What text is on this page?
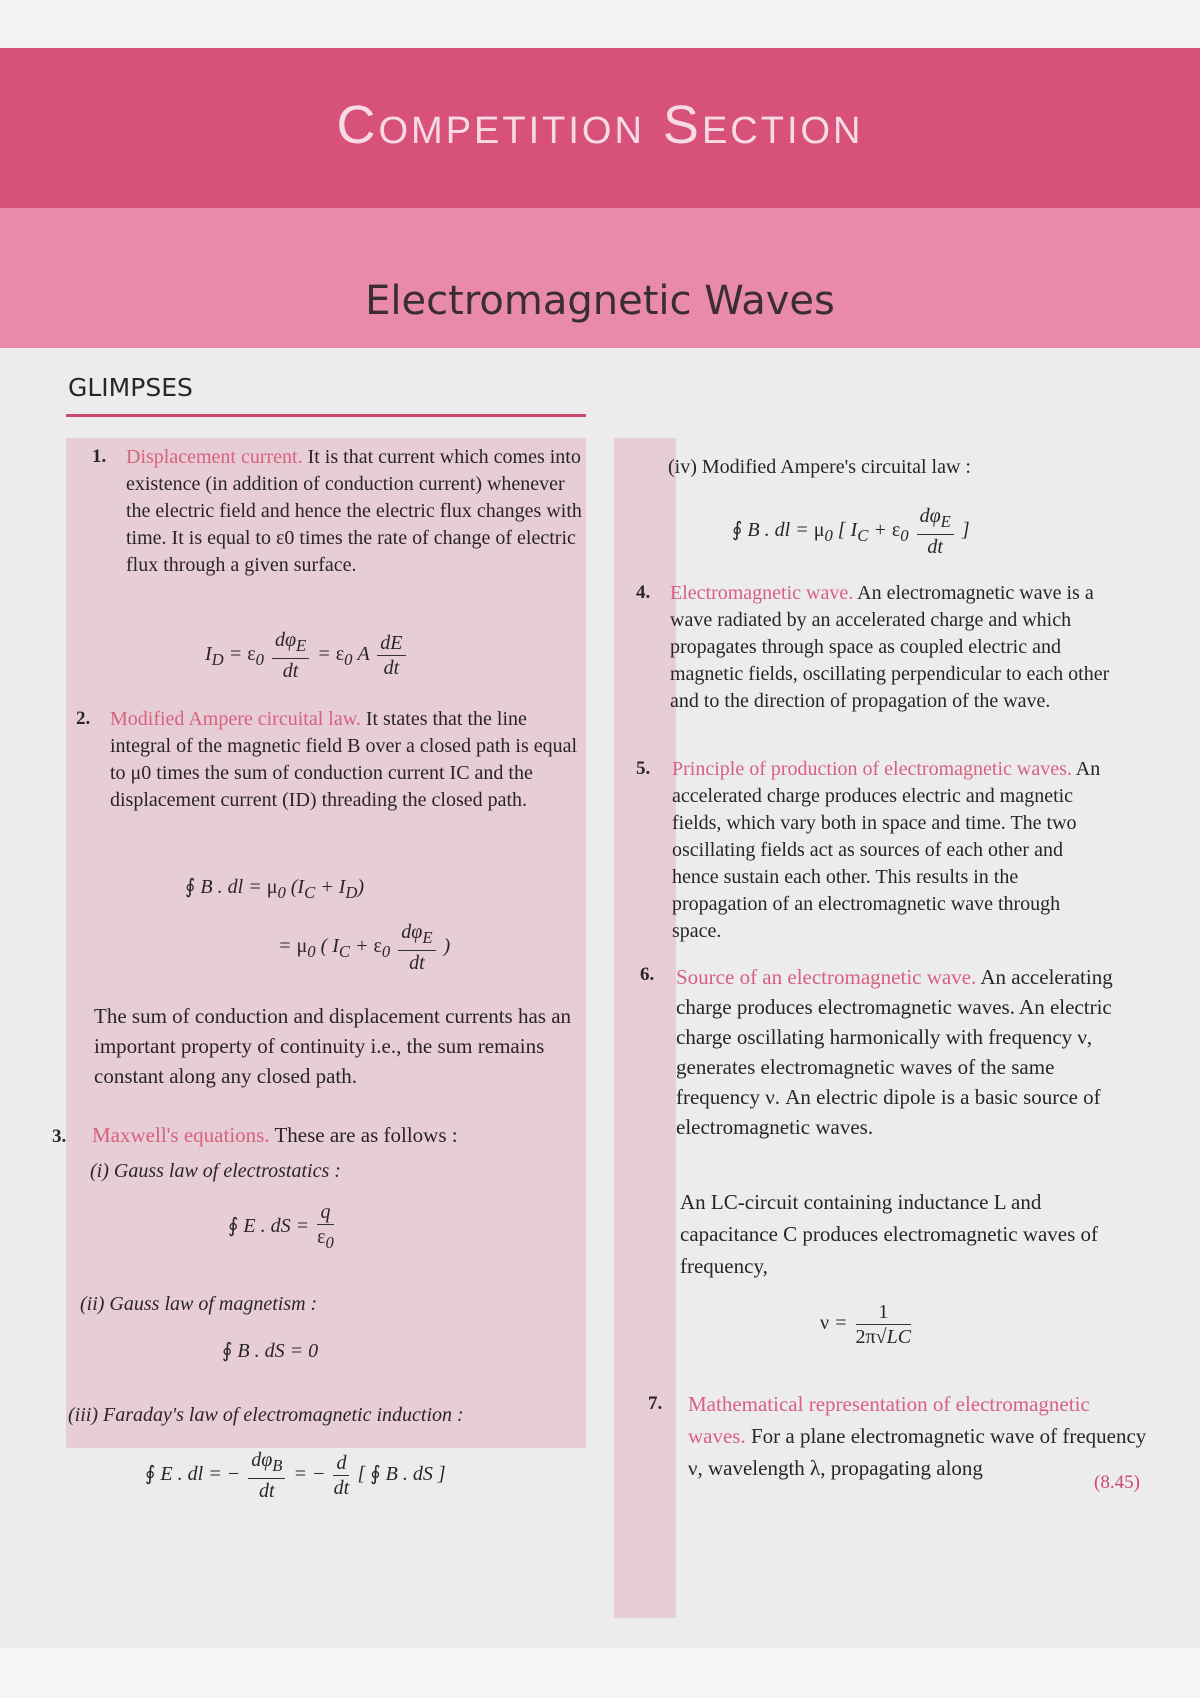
Competition Section
Electromagnetic Waves
GLIMPSES
1. Displacement current. It is that current which comes into existence (in addition of conduction current) whenever the electric field and hence the electric flux changes with time. It is equal to ε0 times the rate of change of electric flux through a given surface.
$I_D = \varepsilon_0 \frac{d\varphi_E}{dt} = \varepsilon_0$ A $\frac{dE}{dt}$
2. Modified Ampere circuital law. It states that the line integral of the magnetic field B over a closed path is equal to μ0 times the sum of conduction current IC and the displacement current (ID) threading the closed path.
∮ B . dl = $\mu_0$ $(I_C + I_D)$
= $\mu_0$ ( $I_C + \varepsilon_0 \frac{d\varphi_E}{dt}$ )
The sum of conduction and displacement currents has an important property of continuity i.e., the sum remains constant along any closed path.
3. Maxwell's equations. These are as follows :
(i) Gauss law of electrostatics :
∮ E . dS = $\frac{q}{\varepsilon_0}$
(ii) Gauss law of magnetism :
∮ B . dS = 0
(iii) Faraday's law of electromagnetic induction :
∮ E . dl = − $\frac{d\varphi_B}{dt}$ = − $\frac{d}{dt}$ [ ∮ B . dS ]
(iv) Modified Ampere's circuital law :
∮ B . dl = $\mu_0$ [ $I_C + \varepsilon_0 \frac{d\varphi_E}{dt}$ ]
4. Electromagnetic wave. An electromagnetic wave is a wave radiated by an accelerated charge and which propagates through space as coupled electric and magnetic fields, oscillating perpendicular to each other and to the direction of propagation of the wave.
5. Principle of production of electromagnetic waves. An accelerated charge produces electric and magnetic fields, which vary both in space and time. The two oscillating fields act as sources of each other and hence sustain each other. This results in the propagation of an electromagnetic wave through space.
6. Source of an electromagnetic wave. An accelerating charge produces electromagnetic waves. An electric charge oscillating harmonically with frequency ν, generates electromagnetic waves of the same frequency ν. An electric dipole is a basic source of electromagnetic waves.
An LC-circuit containing inductance L and capacitance C produces electromagnetic waves of frequency,
$\nu = \frac{1}{2\pi√LC}$
7. Mathematical representation of electromagnetic waves. For a plane electromagnetic wave of frequency ν, wavelength λ, propagating along
(8.45)
